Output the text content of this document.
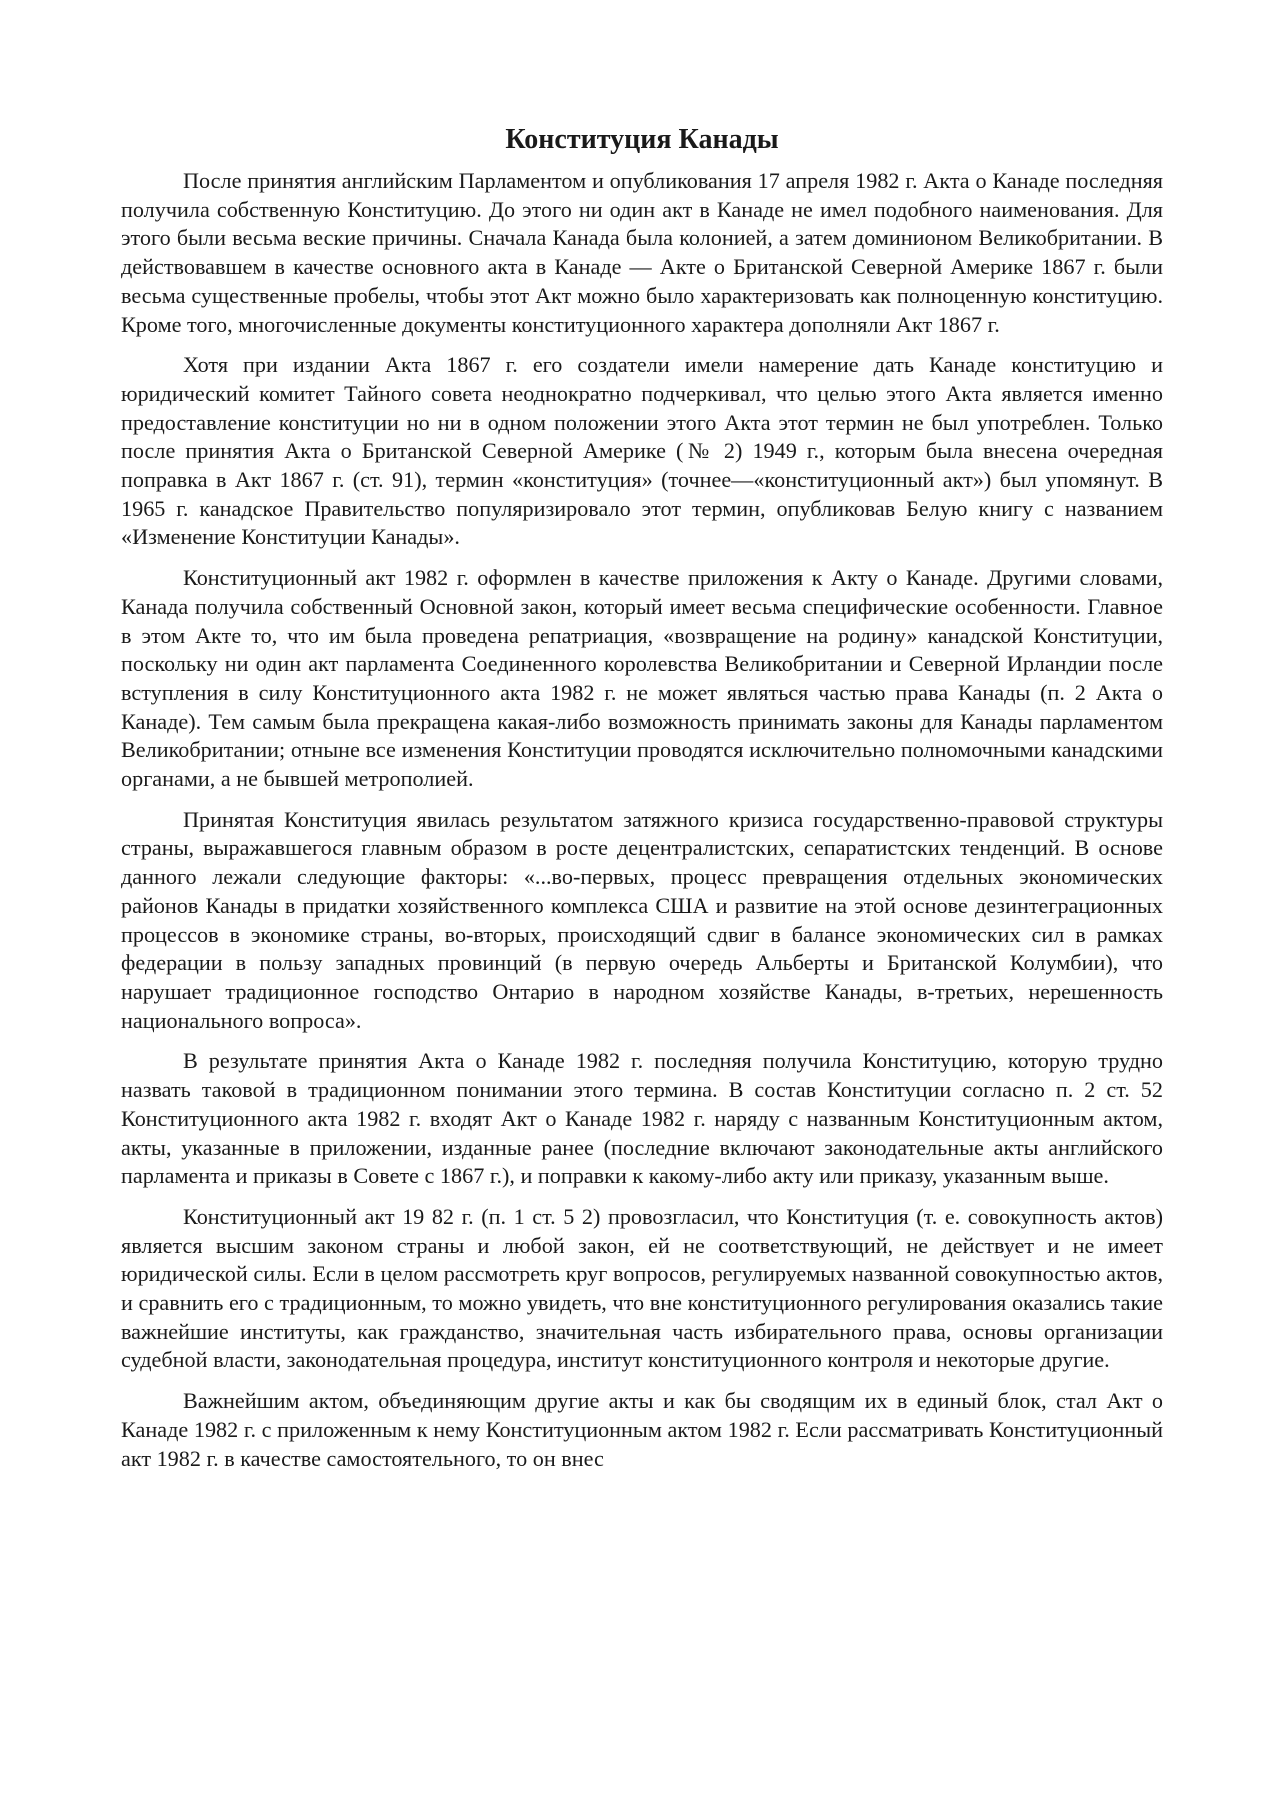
Конституция Канады

После принятия английским Парламентом и опубликования 17 апреля 1982 г. Акта о Канаде последняя получила собственную Конституцию. До этого ни один акт в Канаде не имел подобного наименования. Для этого были весьма веские причины. Сначала Канада была колонией, а затем доминионом Великобритании. В действовавшем в качестве основного акта в Канаде — Акте о Британской Северной Америке 1867 г. были весьма существенные пробелы, чтобы этот Акт можно было характеризовать как полноценную конституцию. Кроме того, многочисленные документы конституционного характера дополняли Акт 1867 г.

Хотя при издании Акта 1867 г. его создатели имели намерение дать Канаде конституцию и юридический комитет Тайного совета неоднократно подчеркивал, что целью этого Акта является именно предоставление конституции но ни в одном положении этого Акта этот термин не был употреблен. Только после принятия Акта о Британской Северной Америке (№ 2) 1949 г., которым была внесена очередная поправка в Акт 1867 г. (ст. 91), термин «конституция» (точнее—«конституционный акт») был упомянут. В 1965 г. канадское Правительство популяризировало этот термин, опубликовав Белую книгу с названием «Изменение Конституции Канады».

Конституционный акт 1982 г. оформлен в качестве приложения к Акту о Канаде. Другими словами, Канада получила собственный Основной закон, который имеет весьма специфические особенности. Главное в этом Акте то, что им была проведена репатриация, «возвращение на родину» канадской Конституции, поскольку ни один акт парламента Соединенного королевства Великобритании и Северной Ирландии после вступления в силу Конституционного акта 1982 г. не может являться частью права Канады (п. 2 Акта о Канаде). Тем самым была прекращена какая-либо возможность принимать законы для Канады парламентом Великобритании; отныне все изменения Конституции проводятся исключительно полномочными канадскими органами, а не бывшей метрополией.

Принятая Конституция явилась результатом затяжного кризиса государственно-правовой структуры страны, выражавшегося главным образом в росте децентралистских, сепаратистских тенденций. В основе данного лежали следующие факторы: «...во-первых, процесс превращения отдельных экономических районов Канады в придатки хозяйственного комплекса США и развитие на этой основе дезинтеграционных процессов в экономике страны, во-вторых, происходящий сдвиг в балансе экономических сил в рамках федерации в пользу западных провинций (в первую очередь Альберты и Британской Колумбии), что нарушает традиционное господство Онтарио в народном хозяйстве Канады, в-третьих, нерешенность национального вопроса».

В результате принятия Акта о Канаде 1982 г. последняя получила Конституцию, которую трудно назвать таковой в традиционном понимании этого термина. В состав Конституции согласно п. 2 ст. 52 Конституционного акта 1982 г. входят Акт о Канаде 1982 г. наряду с названным Конституционным актом, акты, указанные в приложении, изданные ранее (последние включают законодательные акты английского парламента и приказы в Совете с 1867 г.), и поправки к какому-либо акту или приказу, указанным выше.

Конституционный акт 19 82 г. (п. 1 ст. 5 2) провозгласил, что Конституция (т. е. совокупность актов) является высшим законом страны и любой закон, ей не соответствующий, не действует и не имеет юридической силы. Если в целом рассмотреть круг вопросов, регулируемых названной совокупностью актов, и сравнить его с традиционным, то можно увидеть, что вне конституционного регулирования оказались такие важнейшие институты, как гражданство, значительная часть избирательного права, основы организации судебной власти, законодательная процедура, институт конституционного контроля и некоторые другие.

Важнейшим актом, объединяющим другие акты и как бы сводящим их в единый блок, стал Акт о Канаде 1982 г. с приложенным к нему Конституционным актом 1982 г. Если рассматривать Конституционный акт 1982 г. в качестве самостоятельного, то он внес
